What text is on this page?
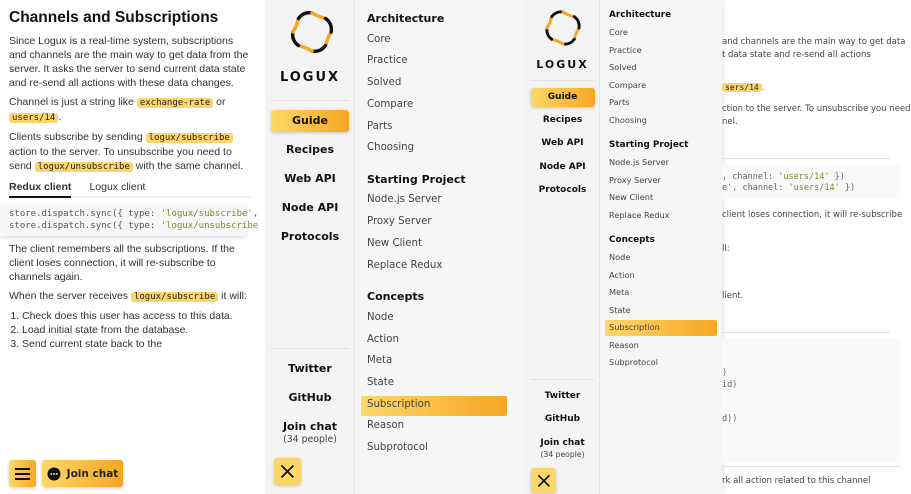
Channels and Subscriptions

Since Logux is a real-time system, subscriptions and channels are the main way to get data from the server. It asks the server to send current data state and re-send all actions with these data changes.

Channel is just a string like exchange-rate or users/14 .

Clients subscribe by sending logux/subscribe action to the server. To unsubscribe you need to send logux/unsubscribe with the same channel.

Redux client Logux client
store.dispatch.sync({ type: 'logux/subscribe',
store.dispatch.sync({ type: 'logux/unsubscribe

The client remembers all the subscriptions. If the client loses connection, it will re-subscribe to channels again.

When the server receives logux/subscribe it will:

1. Check does this user has access to this data.
2. Load initial state from the database.
3. Send current state back to the
Join chat
and channels are the main way to get data
t data state and re-send all actions
sers/14 .
ction to the server. To unsubscribe you need
nel.
, channel: 'users/14' })
e', channel: 'users/14' })
client loses connection, it will re-subscribe
ll:
lient.
)
id)
d))
rk all action related to this channel
LOGUX
Guide
Recipes
Web API
Node API
Protocols
Twitter
GitHub
Join chat
(34 people)
Architecture
Core
Practice
Solved
Compare
Parts
Choosing
Starting Project
Node.js Server
Proxy Server
New Client
Replace Redux
Concepts
Node
Action
Meta
State
Subscription
Reason
Subprotocol
LOGUX
Guide
Recipes
Web API
Node API
Protocols
Twitter
GitHub
Join chat
(34 people)
Architecture
Core
Practice
Solved
Compare
Parts
Choosing
Starting Project
Node.js Server
Proxy Server
New Client
Replace Redux
Concepts
Node
Action
Meta
State
Subscription
Reason
Subprotocol
